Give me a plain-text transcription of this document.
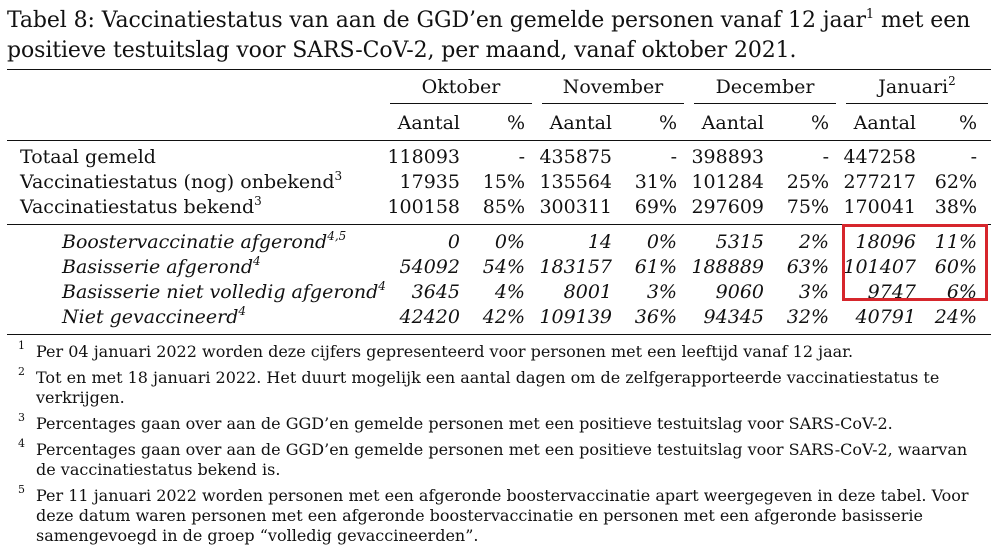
Tabel 8: Vaccinatiestatus van aan de GGD’en gemelde personen vanaf 12 jaar$^1$ met een
positieve testuitslag voor SARS-CoV-2, per maand, vanaf oktober 2021.
Oktober	November	December	Januari$^2$
Aantal	%	Aantal	%	Aantal	%	Aantal	%
Totaal gemeld	118093	- 435875	- 398893	- 447258	-
Vaccinatiestatus (nog) onbekend$^3$	17935	15% 135564	31% 101284	25% 277217 62%
Vaccinatiestatus bekend$^3$	100158	85% 300311	69% 297609	75% 170041 38%
Boostervaccinatie afgerond$^{4,5}$	0	0%	14	0%	5315	2%	18096 11%
Basisserie afgerond$^4$	54092	54% 183157	61% 188889	63% 101407 60%
Basisserie niet volledig afgerond$^4$	3645	4%	8001	3%	9060	3%	9747	6%
Niet gevaccineerd$^4$	42420	42% 109139	36%	94345	32%	40791 24%
1 Per 04 januari 2022 worden deze cijfers gepresenteerd voor personen met een leeftijd vanaf 12 jaar.
2 Tot en met 18 januari 2022. Het duurt mogelijk een aantal dagen om de zelfgerapporteerde vaccinatiestatus te verkrijgen.
3 Percentages gaan over aan de GGD’en gemelde personen met een positieve testuitslag voor SARS-CoV-2.
4 Percentages gaan over aan de GGD’en gemelde personen met een positieve testuitslag voor SARS-CoV-2, waarvan de vaccinatiestatus bekend is.
5 Per 11 januari 2022 worden personen met een afgeronde boostervaccinatie apart weergegeven in deze tabel. Voor deze datum waren personen met een afgeronde boostervaccinatie en personen met een afgeronde basisserie samengevoegd in de groep “volledig gevaccineerden”.
